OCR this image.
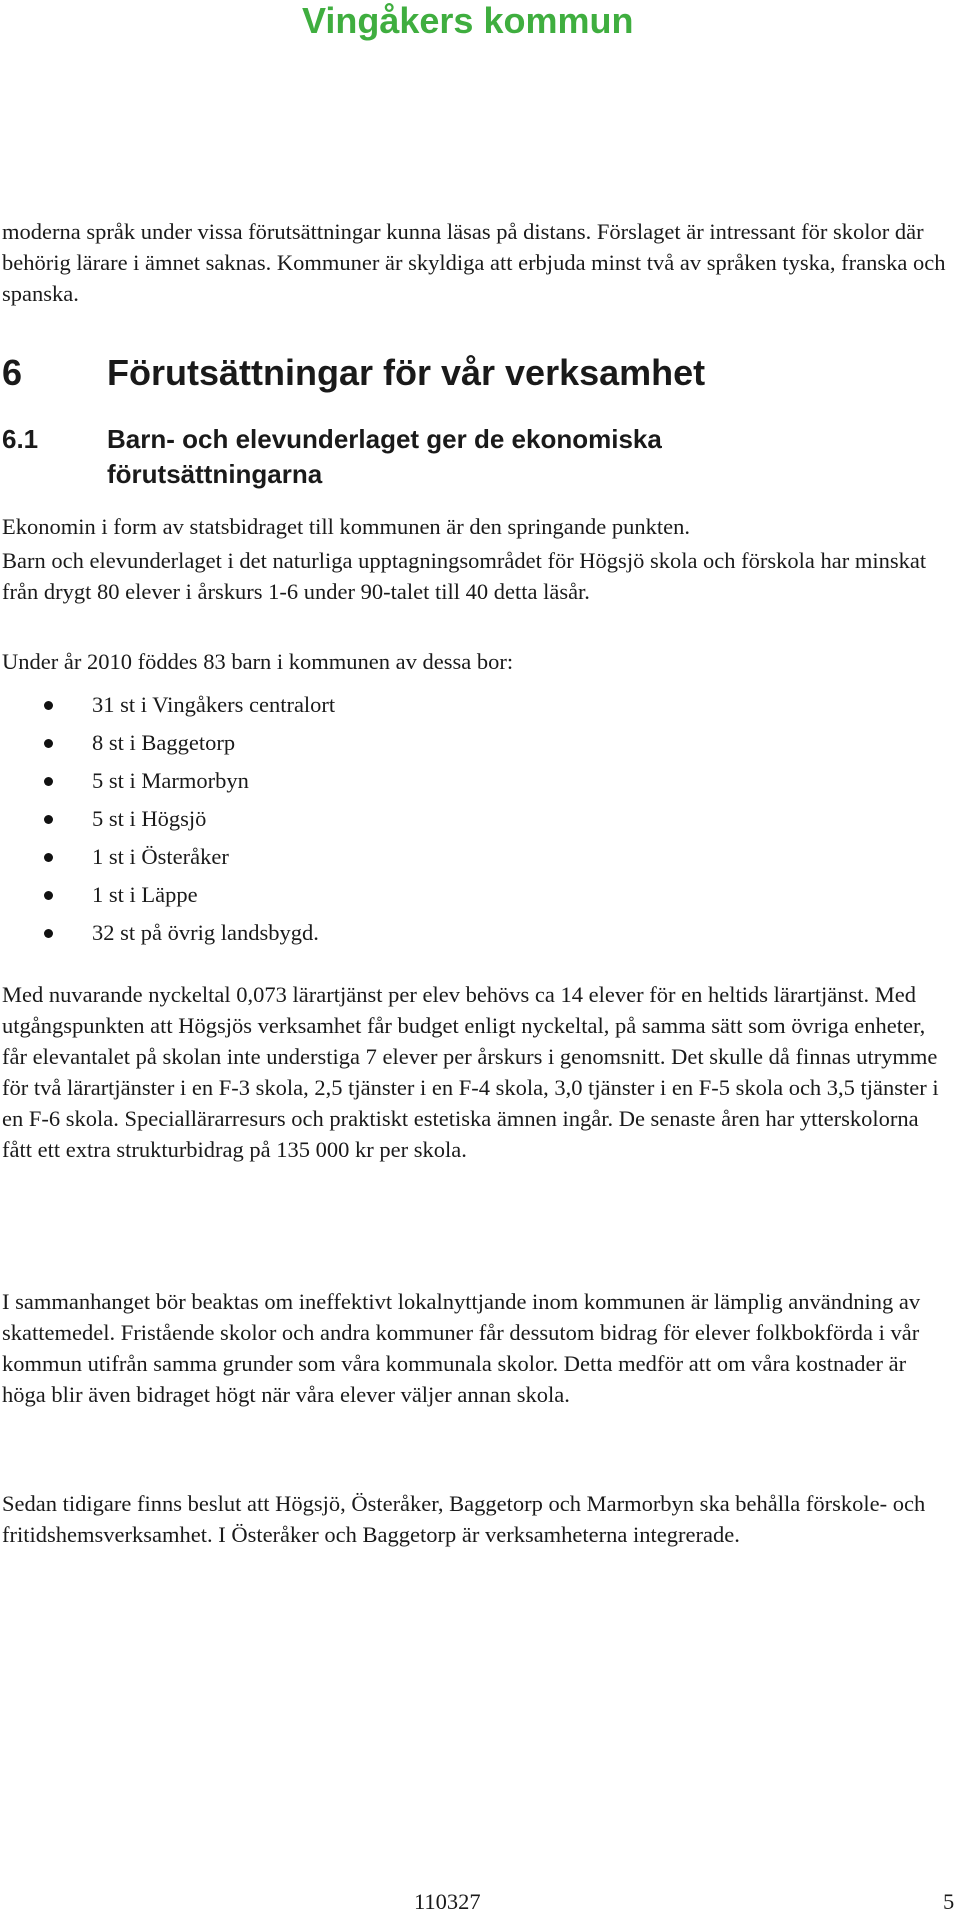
Vingåkers kommun

moderna språk under vissa förutsättningar kunna läsas på distans. Förslaget är intressant för skolor där behörig lärare i ämnet saknas. Kommuner är skyldiga att erbjuda minst två av språken tyska, franska och spanska.

6 Förutsättningar för vår verksamhet
6.1	Barn- och elevunderlaget ger de ekonomiska förutsättningarna

Ekonomin i form av statsbidraget till kommunen är den springande punkten.

Barn och elevunderlaget i det naturliga upptagningsområdet för Högsjö skola och förskola har minskat från drygt 80 elever i årskurs 1-6 under 90-talet till 40 detta läsår.

Under år 2010 föddes 83 barn i kommunen av dessa bor:

31 st i Vingåkers centralort
8 st i Baggetorp
5 st i Marmorbyn
5 st i Högsjö
1 st i Österåker
1 st i Läppe
32 st på övrig landsbygd.

Med nuvarande nyckeltal 0,073 lärartjänst per elev behövs ca 14 elever för en heltids lärartjänst. Med utgångspunkten att Högsjös verksamhet får budget enligt nyckeltal, på samma sätt som övriga enheter, får elevantalet på skolan inte understiga 7 elever per årskurs i genomsnitt. Det skulle då finnas utrymme för två lärartjänster i en F-3 skola, 2,5 tjänster i en F-4 skola, 3,0 tjänster i en F-5 skola och 3,5 tjänster i en F-6 skola. Speciallärarresurs och praktiskt estetiska ämnen ingår. De senaste åren har ytterskolorna fått ett extra strukturbidrag på 135 000 kr per skola.

I sammanhanget bör beaktas om ineffektivt lokalnyttjande inom kommunen är lämplig användning av skattemedel. Fristående skolor och andra kommuner får dessutom bidrag för elever folkbokförda i vår kommun utifrån samma grunder som våra kommunala skolor. Detta medför att om våra kostnader är höga blir även bidraget högt när våra elever väljer annan skola.

Sedan tidigare finns beslut att Högsjö, Österåker, Baggetorp och Marmorbyn ska behålla förskole- och fritidshemsverksamhet. I Österåker och Baggetorp är verksamheterna integrerade.

110327	5
